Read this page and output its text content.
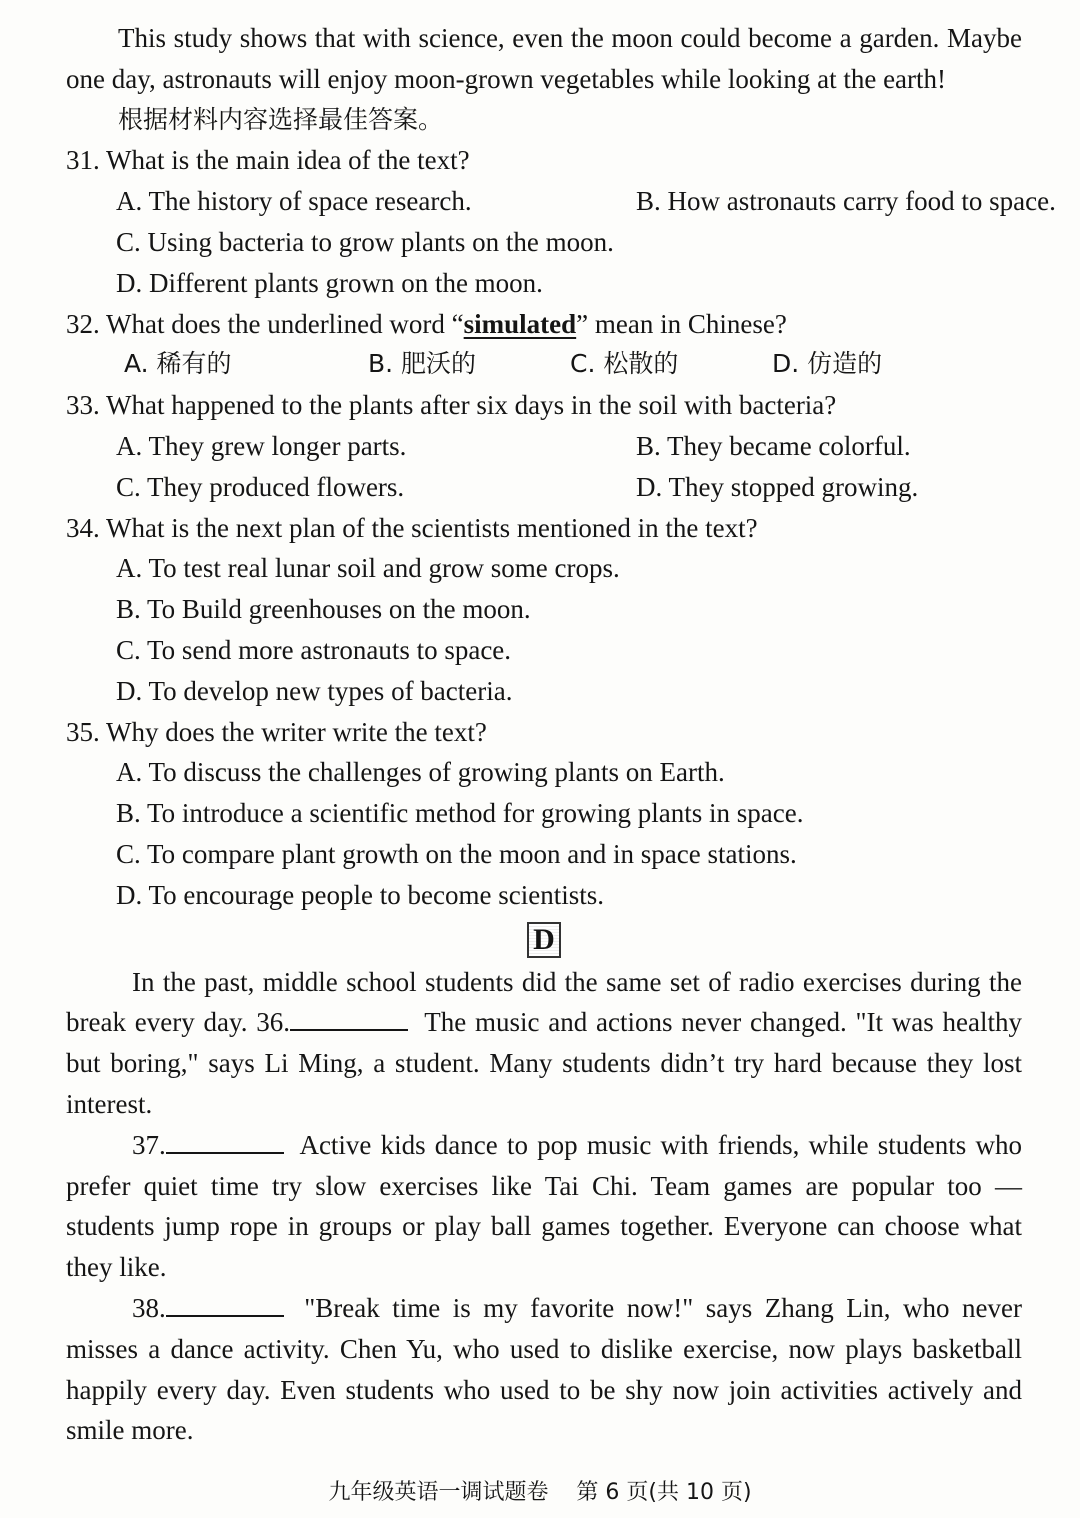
This study shows that with science, even the moon could become a garden. Maybe one day, astronauts will enjoy moon-grown vegetables while looking at the earth!

根据材料内容选择最佳答案。

31. What is the main idea of the text?

A. The history of space research.	B. How astronauts carry food to space.

C. Using bacteria to grow plants on the moon.

D. Different plants grown on the moon.

32. What does the underlined word “simulated” mean in Chinese?

A. 稀有的	B. 肥沃的	C. 松散的	D. 仿造的

33. What happened to the plants after six days in the soil with bacteria?

A. They grew longer parts.	B. They became colorful.
C. They produced flowers.	D. They stopped growing.

34. What is the next plan of the scientists mentioned in the text?

A. To test real lunar soil and grow some crops.

B. To Build greenhouses on the moon.

C. To send more astronauts to space.

D. To develop new types of bacteria.

35. Why does the writer write the text?

A. To discuss the challenges of growing plants on Earth.

B. To introduce a scientific method for growing plants in space.

C. To compare plant growth on the moon and in space stations.

D. To encourage people to become scientists.

D

In the past, middle school students did the same set of radio exercises during the break every day. 36.	The music and actions never changed. "It was healthy but boring," says Li Ming, a student. Many students didn’t try hard because they lost interest.

37.	Active kids dance to pop music with friends, while students who prefer quiet time try slow exercises like Tai Chi. Team games are popular too — students jump rope in groups or play ball games together. Everyone can choose what they like.

38.	"Break time is my favorite now!" says Zhang Lin, who never misses a dance activity. Chen Yu, who used to dislike exercise, now plays basketball happily every day. Even students who used to be shy now join activities actively and smile more.

九年级英语一调试题卷    第 6 页(共 10 页)
